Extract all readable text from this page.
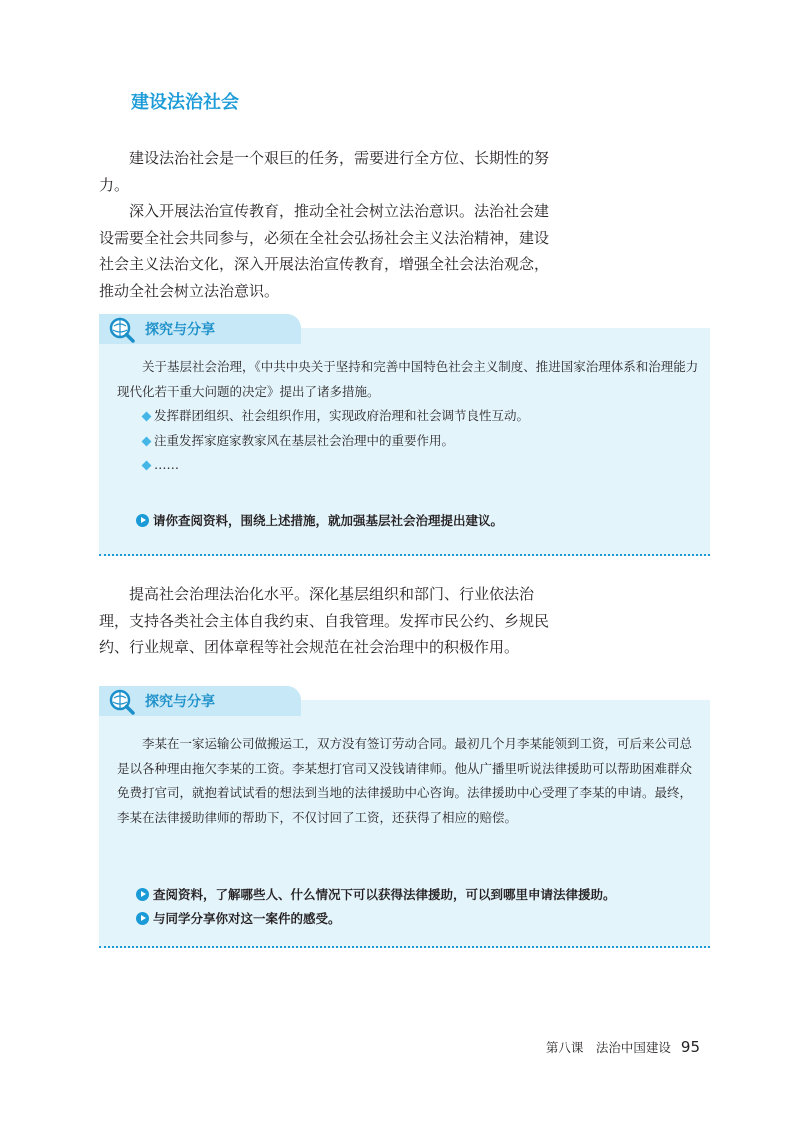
建设法治社会

建设法治社会是一个艰巨的任务，需要进行全方位、长期性的努力。

深入开展法治宣传教育，推动全社会树立法治意识。法治社会建设需要全社会共同参与，必须在全社会弘扬社会主义法治精神，建设社会主义法治文化，深入开展法治宣传教育，增强全社会法治观念，推动全社会树立法治意识。

探究与分享

关于基层社会治理，《中共中央关于坚持和完善中国特色社会主义制度、推进国家治理体系和治理能力现代化若干重大问题的决定》提出了诸多措施。

发挥群团组织、社会组织作用，实现政府治理和社会调节良性互动。
注重发挥家庭家教家风在基层社会治理中的重要作用。
……
请你查阅资料，围绕上述措施，就加强基层社会治理提出建议。

提高社会治理法治化水平。深化基层组织和部门、行业依法治理，支持各类社会主体自我约束、自我管理。发挥市民公约、乡规民约、行业规章、团体章程等社会规范在社会治理中的积极作用。

探究与分享

李某在一家运输公司做搬运工，双方没有签订劳动合同。最初几个月李某能领到工资，可后来公司总是以各种理由拖欠李某的工资。李某想打官司又没钱请律师。他从广播里听说法律援助可以帮助困难群众免费打官司，就抱着试试看的想法到当地的法律援助中心咨询。法律援助中心受理了李某的申请。最终，李某在法律援助律师的帮助下，不仅讨回了工资，还获得了相应的赔偿。

查阅资料，了解哪些人、什么情况下可以获得法律援助，可以到哪里申请法律援助。
与同学分享你对这一案件的感受。
第八课　法治中国建设 95
